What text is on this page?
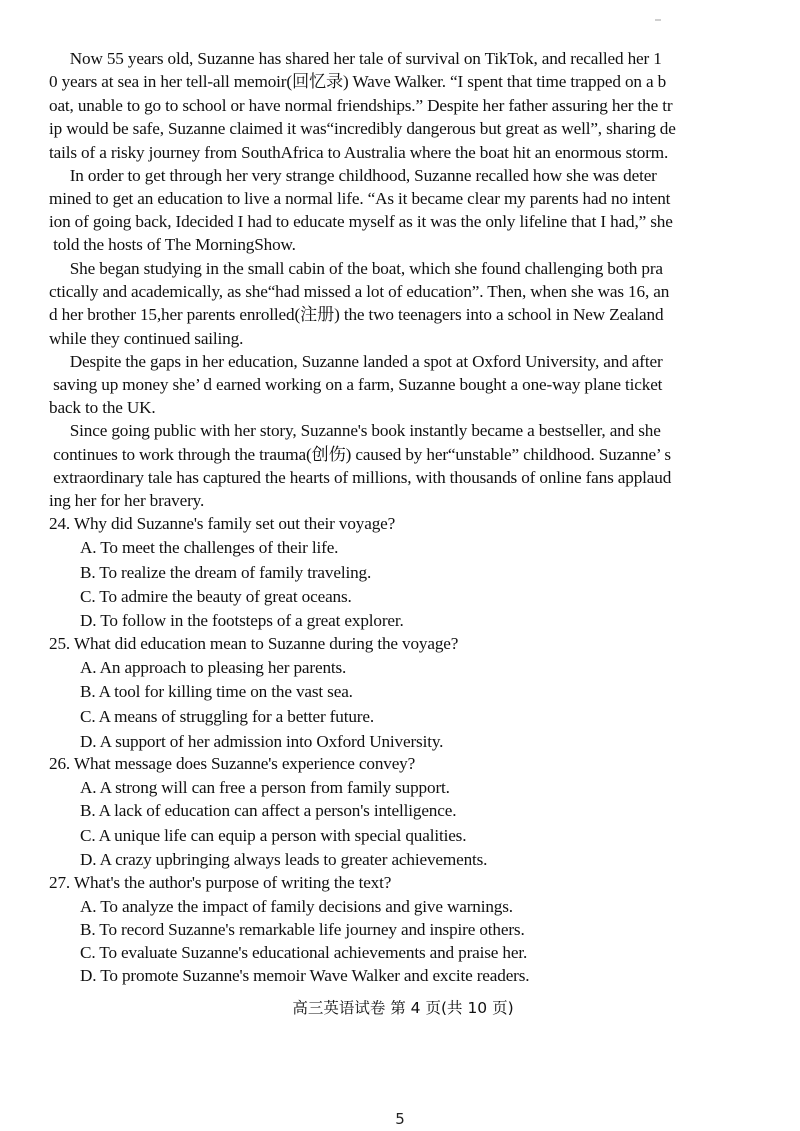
Now 55 years old, Suzanne has shared her tale of survival on TikTok, and recalled her 1
0 years at sea in her tell-all memoir(回忆录) Wave Walker. “I spent that time trapped on a b
oat, unable to go to school or have normal friendships.” Despite her father assuring her the tr
ip would be safe, Suzanne claimed it was“incredibly dangerous but great as well”, sharing de
tails of a risky journey from SouthAfrica to Australia where the boat hit an enormous storm.
In order to get through her very strange childhood, Suzanne recalled how she was deter
mined to get an education to live a normal life. “As it became clear my parents had no intent
ion of going back, Idecided I had to educate myself as it was the only lifeline that I had,” she
told the hosts of The MorningShow.
She began studying in the small cabin of the boat, which she found challenging both pra
ctically and academically, as she“had missed a lot of education”. Then, when she was 16, an
d her brother 15,her parents enrolled(注册) the two teenagers into a school in New Zealand
while they continued sailing.
Despite the gaps in her education, Suzanne landed a spot at Oxford University, and after
saving up money she’ d earned working on a farm, Suzanne bought a one-way plane ticket
back to the UK.
Since going public with her story, Suzanne's book instantly became a bestseller, and she
continues to work through the trauma(创伤) caused by her“unstable” childhood. Suzanne’ s
extraordinary tale has captured the hearts of millions, with thousands of online fans applaud
ing her for her bravery.
24. Why did Suzanne's family set out their voyage?
A. To meet the challenges of their life.
B. To realize the dream of family traveling.
C. To admire the beauty of great oceans.
D. To follow in the footsteps of a great explorer.
25. What did education mean to Suzanne during the voyage?
A. An approach to pleasing her parents.
B. A tool for killing time on the vast sea.
C. A means of struggling for a better future.
D. A support of her admission into Oxford University.
26. What message does Suzanne's experience convey?
A. A strong will can free a person from family support.
B. A lack of education can affect a person's intelligence.
C. A unique life can equip a person with special qualities.
D. A crazy upbringing always leads to greater achievements.
27. What's the author's purpose of writing the text?
A. To analyze the impact of family decisions and give warnings.
B. To record Suzanne's remarkable life journey and inspire others.
C. To evaluate Suzanne's educational achievements and praise her.
D. To promote Suzanne's memoir Wave Walker and excite readers.
高三英语试卷 第 4 页(共 10 页)
5
